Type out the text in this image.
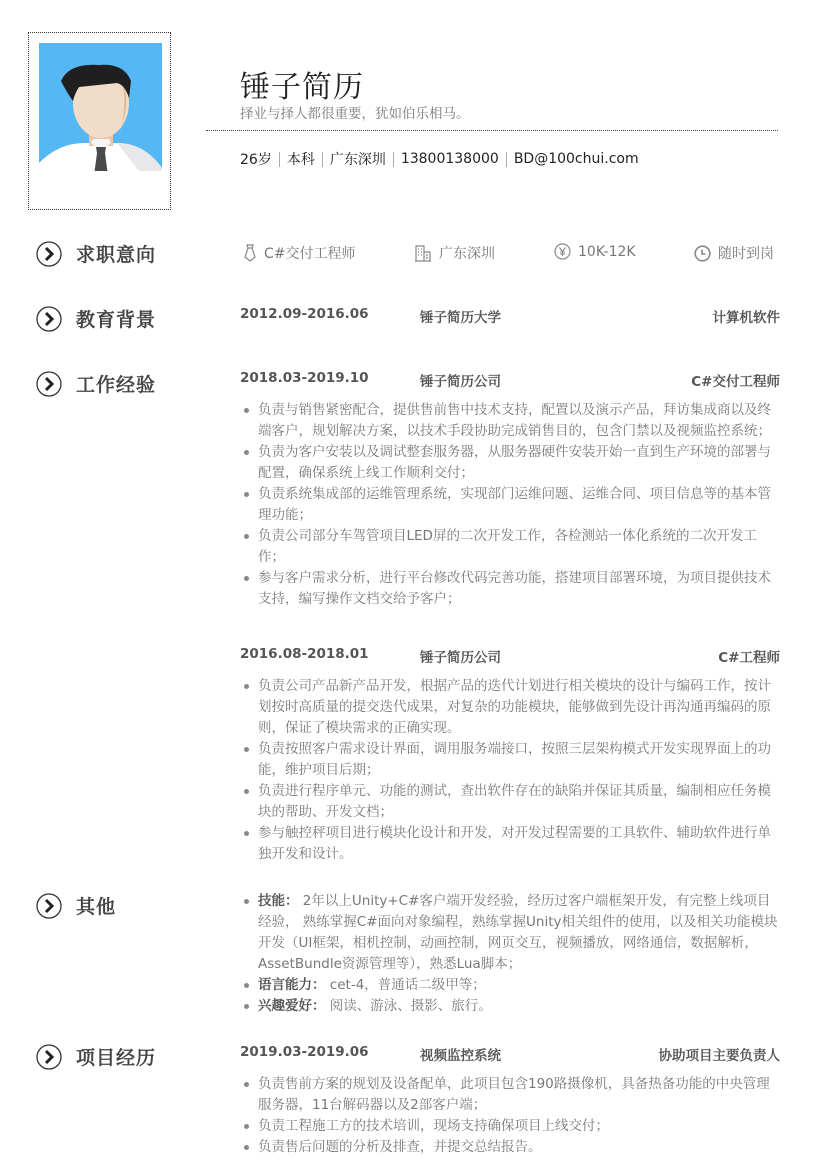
锤子简历
择业与择人都很重要，犹如伯乐相马。
26岁 本科 广东深圳 13800138000 BD@100chui.com
求职意向	C#交付工程师	广东深圳	10K-12K	随时到岗
教育背景	2012.09-2016.06	锤子简历大学	计算机软件
工作经验	2018.03-2019.10	锤子简历公司	C#交付工程师
负责与销售紧密配合，提供售前售中技术支持，配置以及演示产品，拜访集成商以及终端客户，规划解决方案，以技术手段协助完成销售目的，包含门禁以及视频监控系统；
负责为客户安装以及调试整套服务器，从服务器硬件安装开始一直到生产环境的部署与配置，确保系统上线工作顺利交付；
负责系统集成部的运维管理系统，实现部门运维问题、运维合同、项目信息等的基本管理功能；
负责公司部分车驾管项目LED屏的二次开发工作，各检测站一体化系统的二次开发工作；
参与客户需求分析，进行平台修改代码完善功能，搭建项目部署环境，为项目提供技术支持，编写操作文档交给予客户；
2016.08-2018.01	锤子简历公司	C#工程师
负责公司产品新产品开发，根据产品的迭代计划进行相关模块的设计与编码工作，按计划按时高质量的提交迭代成果，对复杂的功能模块，能够做到先设计再沟通再编码的原则，保证了模块需求的正确实现。
负责按照客户需求设计界面，调用服务端接口，按照三层架构模式开发实现界面上的功能，维护项目后期；
负责进行程序单元、功能的测试，查出软件存在的缺陷并保证其质量，编制相应任务模块的帮助、开发文档；
参与触控秤项目进行模块化设计和开发，对开发过程需要的工具软件、辅助软件进行单独开发和设计。
其他	技能： 2年以上Unity+C#客户端开发经验，经历过客户端框架开发，有完整上线项目经验， 熟练掌握C#面向对象编程，熟练掌握Unity相关组件的使用，以及相关功能模块开发（UI框架，相机控制，动画控制，网页交互，视频播放，网络通信，数据解析，AssetBundle资源管理等），熟悉Lua脚本；
语言能力： cet-4，普通话二级甲等；
兴趣爱好： 阅读、游泳、摄影、旅行。
项目经历	2019.03-2019.06	视频监控系统	协助项目主要负责人
负责售前方案的规划及设备配单，此项目包含190路摄像机，具备热备功能的中央管理服务器，11台解码器以及2部客户端；
负责工程施工方的技术培训，现场支持确保项目上线交付；
负责售后问题的分析及排查，并提交总结报告。
